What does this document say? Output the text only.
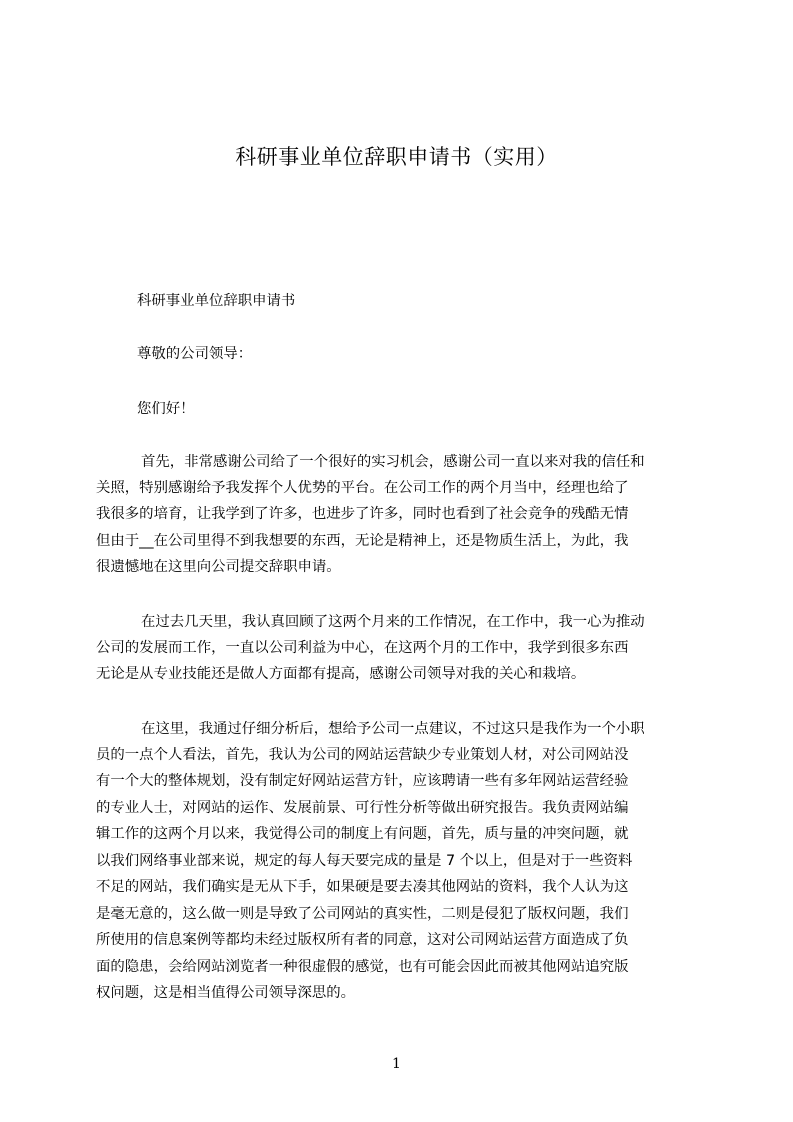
科研事业单位辞职申请书（实用）
科研事业单位辞职申请书
尊敬的公司领导：
您们好！
首先，非常感谢公司给了一个很好的实习机会，感谢公司一直以来对我的信任和
关照，特别感谢给予我发挥个人优势的平台。在公司工作的两个月当中，经理也给了
我很多的培育，让我学到了许多，也进步了许多，同时也看到了社会竞争的残酷无情
但由于__在公司里得不到我想要的东西，无论是精神上，还是物质生活上，为此，我
很遗憾地在这里向公司提交辞职申请。
在过去几天里，我认真回顾了这两个月来的工作情况，在工作中，我一心为推动
公司的发展而工作，一直以公司利益为中心，在这两个月的工作中，我学到很多东西
无论是从专业技能还是做人方面都有提高，感谢公司领导对我的关心和栽培。
在这里，我通过仔细分析后，想给予公司一点建议，不过这只是我作为一个小职
员的一点个人看法，首先，我认为公司的网站运营缺少专业策划人材，对公司网站没
有一个大的整体规划，没有制定好网站运营方针，应该聘请一些有多年网站运营经验
的专业人士，对网站的运作、发展前景、可行性分析等做出研究报告。我负责网站编
辑工作的这两个月以来，我觉得公司的制度上有问题，首先，质与量的冲突问题，就
以我们网络事业部来说，规定的每人每天要完成的量是 7 个以上，但是对于一些资料
不足的网站，我们确实是无从下手，如果硬是要去凑其他网站的资料，我个人认为这
是毫无意的，这么做一则是导致了公司网站的真实性，二则是侵犯了版权问题，我们
所使用的信息案例等都均未经过版权所有者的同意，这对公司网站运营方面造成了负
面的隐患，会给网站浏览者一种很虚假的感觉，也有可能会因此而被其他网站追究版
权问题，这是相当值得公司领导深思的。
1
